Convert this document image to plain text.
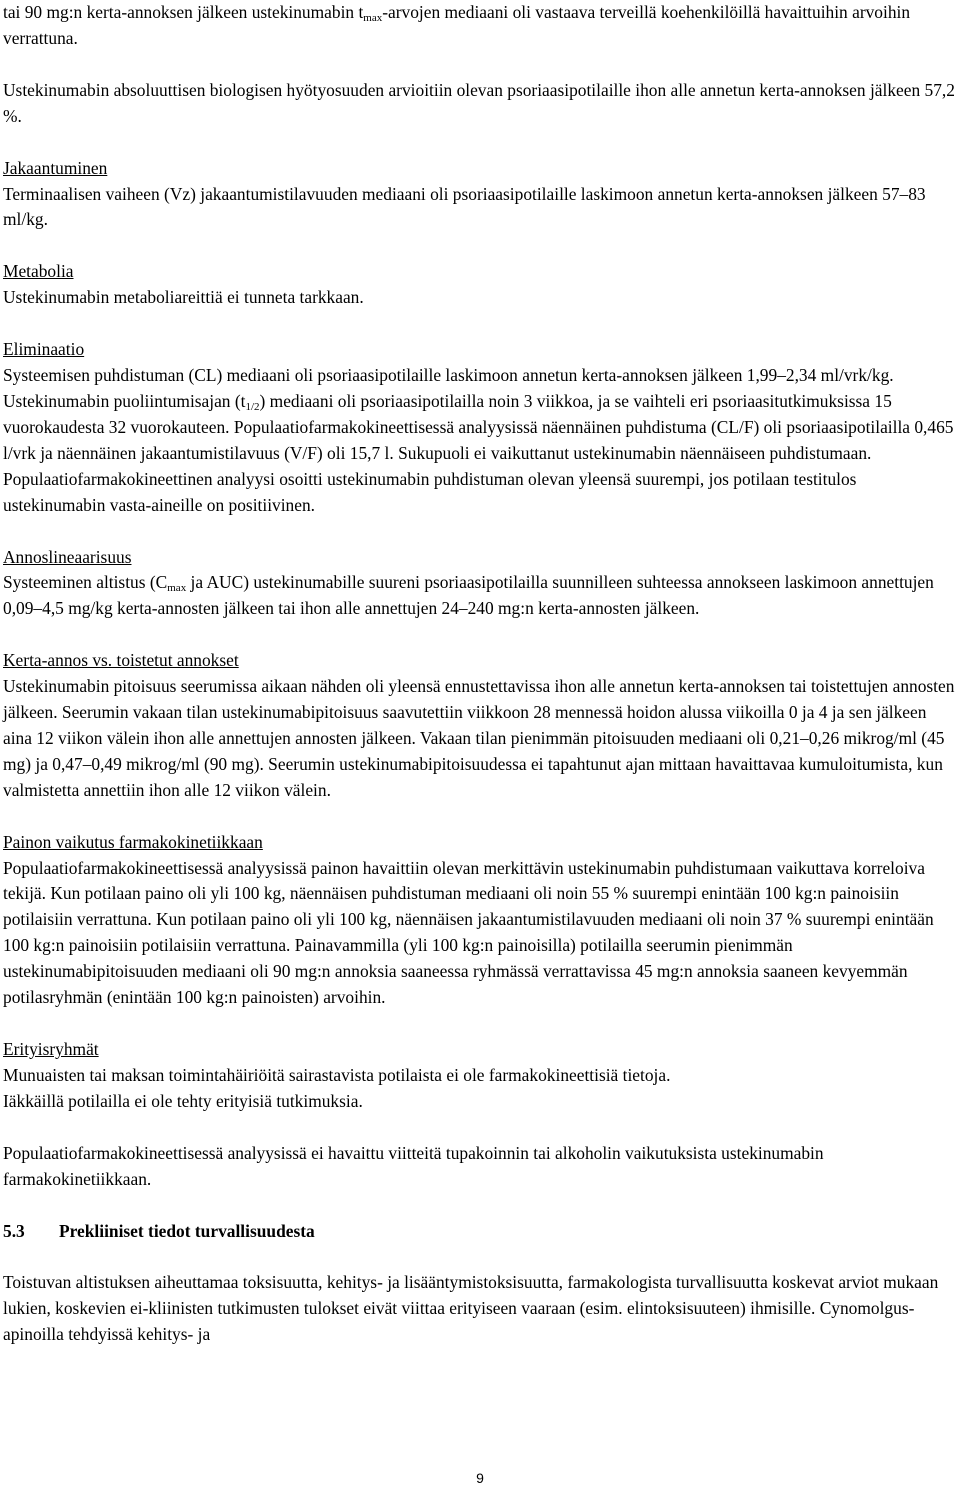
tai 90 mg:n kerta-annoksen jälkeen ustekinumabin $t_{max}$-arvojen mediaani oli vastaava terveillä koehenkilöillä havaittuihin arvoihin verrattuna.

Ustekinumabin absoluuttisen biologisen hyötyosuuden arvioitiin olevan psoriaasipotilaille ihon alle annetun kerta-annoksen jälkeen 57,2 %.

Jakaantuminen

Terminaalisen vaiheen (Vz) jakaantumistilavuuden mediaani oli psoriaasipotilaille laskimoon annetun kerta-annoksen jälkeen 57–83 ml/kg.

Metabolia

Ustekinumabin metaboliareittiä ei tunneta tarkkaan.

Eliminaatio

Systeemisen puhdistuman (CL) mediaani oli psoriaasipotilaille laskimoon annetun kerta-annoksen jälkeen 1,99–2,34 ml/vrk/kg. Ustekinumabin puoliintumisajan $(t_{1/2})$ mediaani oli psoriaasipotilailla noin 3 viikkoa, ja se vaihteli eri psoriaasitutkimuksissa 15 vuorokaudesta 32 vuorokauteen. Populaatiofarmakokineettisessä analyysissä näennäinen puhdistuma (CL/F) oli psoriaasipotilailla 0,465 l/vrk ja näennäinen jakaantumistilavuus (V/F) oli 15,7 l. Sukupuoli ei vaikuttanut ustekinumabin näennäiseen puhdistumaan. Populaatiofarmakokineettinen analyysi osoitti ustekinumabin puhdistuman olevan yleensä suurempi, jos potilaan testitulos ustekinumabin vasta-aineille on positiivinen.

Annoslineaarisuus

Systeeminen altistus ($C_{max}$ ja AUC) ustekinumabille suureni psoriaasipotilailla suunnilleen suhteessa annokseen laskimoon annettujen 0,09–4,5 mg/kg kerta-annosten jälkeen tai ihon alle annettujen 24–240 mg:n kerta-annosten jälkeen.

Kerta-annos vs. toistetut annokset

Ustekinumabin pitoisuus seerumissa aikaan nähden oli yleensä ennustettavissa ihon alle annetun kerta-annoksen tai toistettujen annosten jälkeen. Seerumin vakaan tilan ustekinumabipitoisuus saavutettiin viikkoon 28 mennessä hoidon alussa viikoilla 0 ja 4 ja sen jälkeen aina 12 viikon välein ihon alle annettujen annosten jälkeen. Vakaan tilan pienimmän pitoisuuden mediaani oli 0,21–0,26 mikrog/ml (45 mg) ja 0,47–0,49 mikrog/ml (90 mg). Seerumin ustekinumabipitoisuudessa ei tapahtunut ajan mittaan havaittavaa kumuloitumista, kun valmistetta annettiin ihon alle 12 viikon välein.

Painon vaikutus farmakokinetiikkaan

Populaatiofarmakokineettisessä analyysissä painon havaittiin olevan merkittävin ustekinumabin puhdistumaan vaikuttava korreloiva tekijä. Kun potilaan paino oli yli 100 kg, näennäisen puhdistuman mediaani oli noin 55 % suurempi enintään 100 kg:n painoisiin potilaisiin verrattuna. Kun potilaan paino oli yli 100 kg, näennäisen jakaantumistilavuuden mediaani oli noin 37 % suurempi enintään 100 kg:n painoisiin potilaisiin verrattuna. Painavammilla (yli 100 kg:n painoisilla) potilailla seerumin pienimmän ustekinumabipitoisuuden mediaani oli 90 mg:n annoksia saaneessa ryhmässä verrattavissa 45 mg:n annoksia saaneen kevyemmän potilasryhmän (enintään 100 kg:n painoisten) arvoihin.

Erityisryhmät

Munuaisten tai maksan toimintahäiriöitä sairastavista potilaista ei ole farmakokineettisiä tietoja.

Iäkkäillä potilailla ei ole tehty erityisiä tutkimuksia.

Populaatiofarmakokineettisessä analyysissä ei havaittu viitteitä tupakoinnin tai alkoholin vaikutuksista ustekinumabin farmakokinetiikkaan.

5.3 Prekliiniset tiedot turvallisuudesta

Toistuvan altistuksen aiheuttamaa toksisuutta, kehitys- ja lisääntymistoksisuutta, farmakologista turvallisuutta koskevat arviot mukaan lukien, koskevien ei-kliinisten tutkimusten tulokset eivät viittaa erityiseen vaaraan (esim. elintoksisuuteen) ihmisille. Cynomolgus-apinoilla tehdyissä kehitys- ja

9
